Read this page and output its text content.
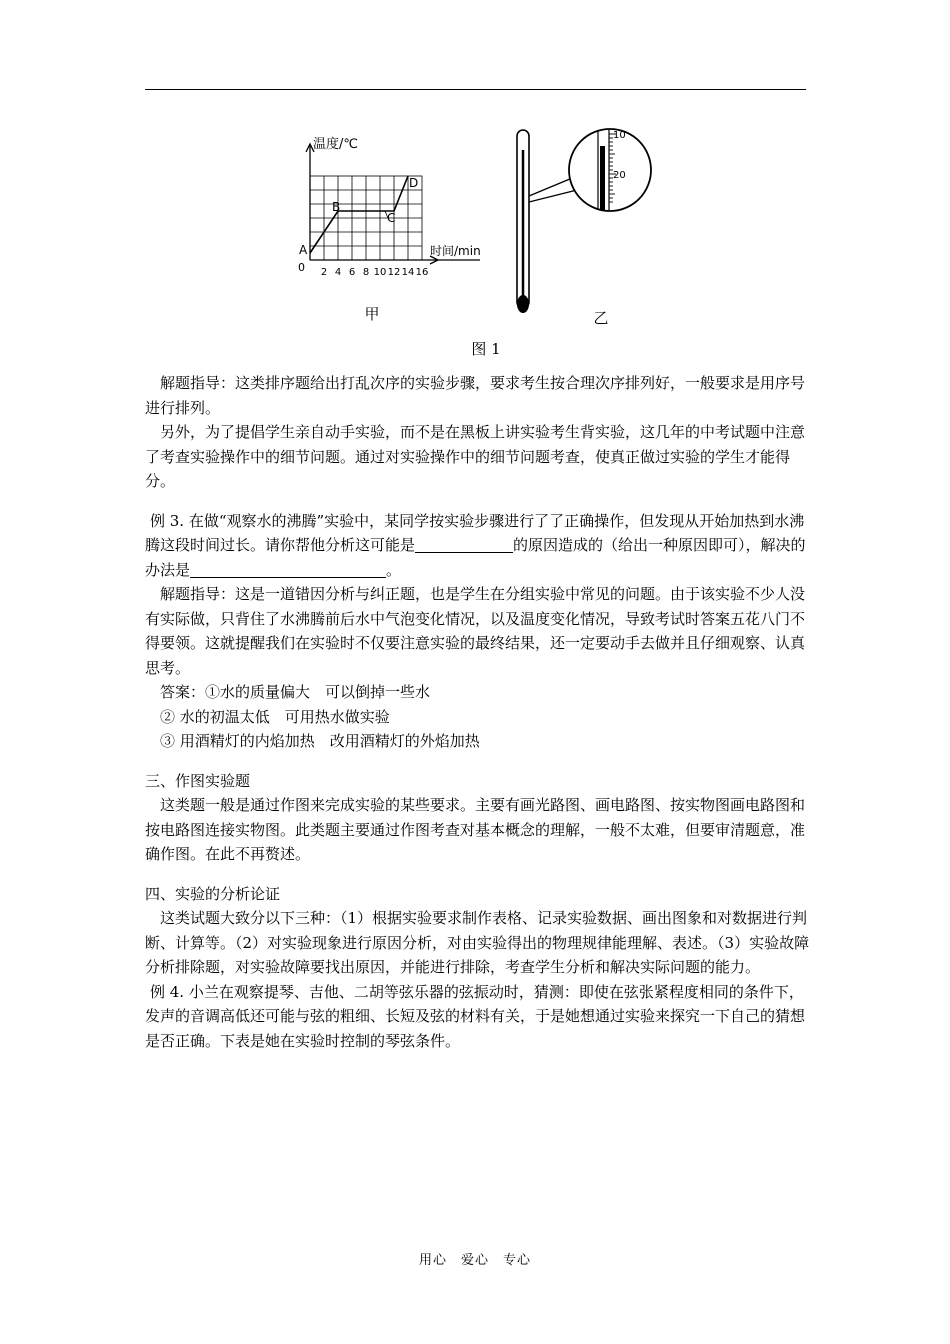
温度/℃
时间/min
0
A
B
C
D
2 4 6 8 10 12 14 16
甲
10
20
乙
图 1

解题指导：这类排序题给出打乱次序的实验步骤，要求考生按合理次序排列好，一般要求是用序号进行排列。

另外，为了提倡学生亲自动手实验，而不是在黑板上讲实验考生背实验，这几年的中考试题中注意了考查实验操作中的细节问题。通过对实验操作中的细节问题考查，使真正做过实验的学生才能得分。

例 3. 在做“观察水的沸腾”实验中，某同学按实验步骤进行了了正确操作，但发现从开始加热到水沸腾这段时间过长。请你帮他分析这可能是	的原因造成的（给出一种原因即可），解决的办法是	。

解题指导：这是一道错因分析与纠正题，也是学生在分组实验中常见的问题。由于该实验不少人没有实际做，只背住了水沸腾前后水中气泡变化情况，以及温度变化情况，导致考试时答案五花八门不得要领。这就提醒我们在实验时不仅要注意实验的最终结果，还一定要动手去做并且仔细观察、认真思考。

答案：①水的质量偏大　可以倒掉一些水

② 水的初温太低　可用热水做实验

③ 用酒精灯的内焰加热　改用酒精灯的外焰加热

三、作图实验题

这类题一般是通过作图来完成实验的某些要求。主要有画光路图、画电路图、按实物图画电路图和按电路图连接实物图。此类题主要通过作图考查对基本概念的理解，一般不太难，但要审清题意，准确作图。在此不再赘述。

四、实验的分析论证

这类试题大致分以下三种：（1）根据实验要求制作表格、记录实验数据、画出图象和对数据进行判断、计算等。（2）对实验现象进行原因分析，对由实验得出的物理规律能理解、表述。（3）实验故障分析排除题，对实验故障要找出原因，并能进行排除，考查学生分析和解决实际问题的能力。

例 4. 小兰在观察提琴、吉他、二胡等弦乐器的弦振动时，猜测：即使在弦张紧程度相同的条件下，发声的音调高低还可能与弦的粗细、长短及弦的材料有关，于是她想通过实验来探究一下自己的猜想是否正确。下表是她在实验时控制的琴弦条件。

用心　爱心　专心
